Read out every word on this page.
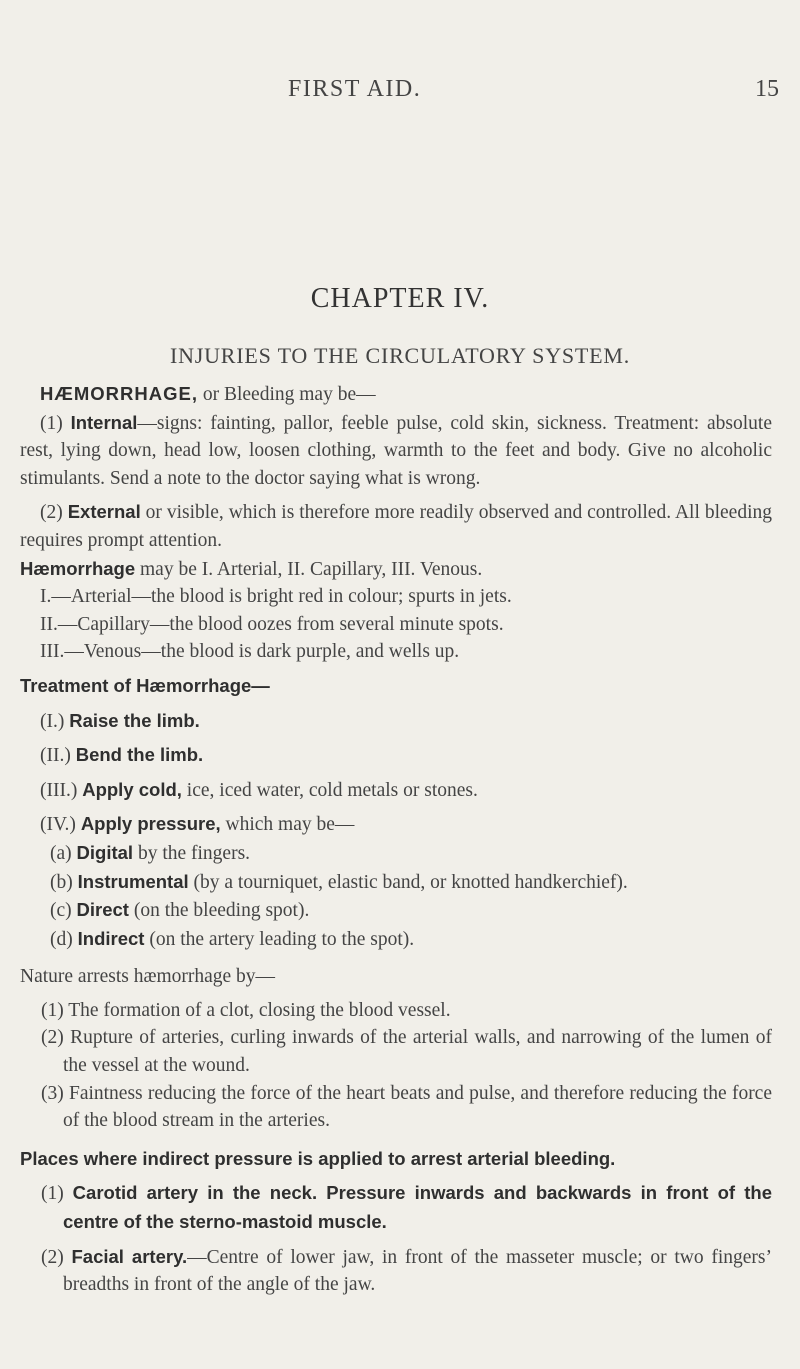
FIRST AID.	15
CHAPTER IV.
INJURIES TO THE CIRCULATORY SYSTEM.

HÆMORRHAGE, or Bleeding may be—

(1) Internal—signs: fainting, pallor, feeble pulse, cold skin, sickness. Treatment: absolute rest, lying down, head low, loosen clothing, warmth to the feet and body. Give no alcoholic stimulants. Send a note to the doctor saying what is wrong.

(2) External or visible, which is therefore more readily observed and controlled. All bleeding requires prompt attention.

Hæmorrhage may be I. Arterial, II. Capillary, III. Venous.

I.—Arterial—the blood is bright red in colour; spurts in jets.

II.—Capillary—the blood oozes from several minute spots.

III.—Venous—the blood is dark purple, and wells up.

Treatment of Hæmorrhage—

(I.) Raise the limb.

(II.) Bend the limb.

(III.) Apply cold, ice, iced water, cold metals or stones.

(IV.) Apply pressure, which may be—

(a) Digital by the fingers.

(b) Instrumental (by a tourniquet, elastic band, or knotted handkerchief).

(c) Direct (on the bleeding spot).

(d) Indirect (on the artery leading to the spot).

Nature arrests hæmorrhage by—

(1) The formation of a clot, closing the blood vessel.

(2) Rupture of arteries, curling inwards of the arterial walls, and narrowing of the lumen of the vessel at the wound.

(3) Faintness reducing the force of the heart beats and pulse, and therefore reducing the force of the blood stream in the arteries.

Places where indirect pressure is applied to arrest arterial bleeding.

(1) Carotid artery in the neck. Pressure inwards and backwards in front of the centre of the sterno-mastoid muscle.

(2) Facial artery.—Centre of lower jaw, in front of the masseter muscle; or two fingers’ breadths in front of the angle of the jaw.
